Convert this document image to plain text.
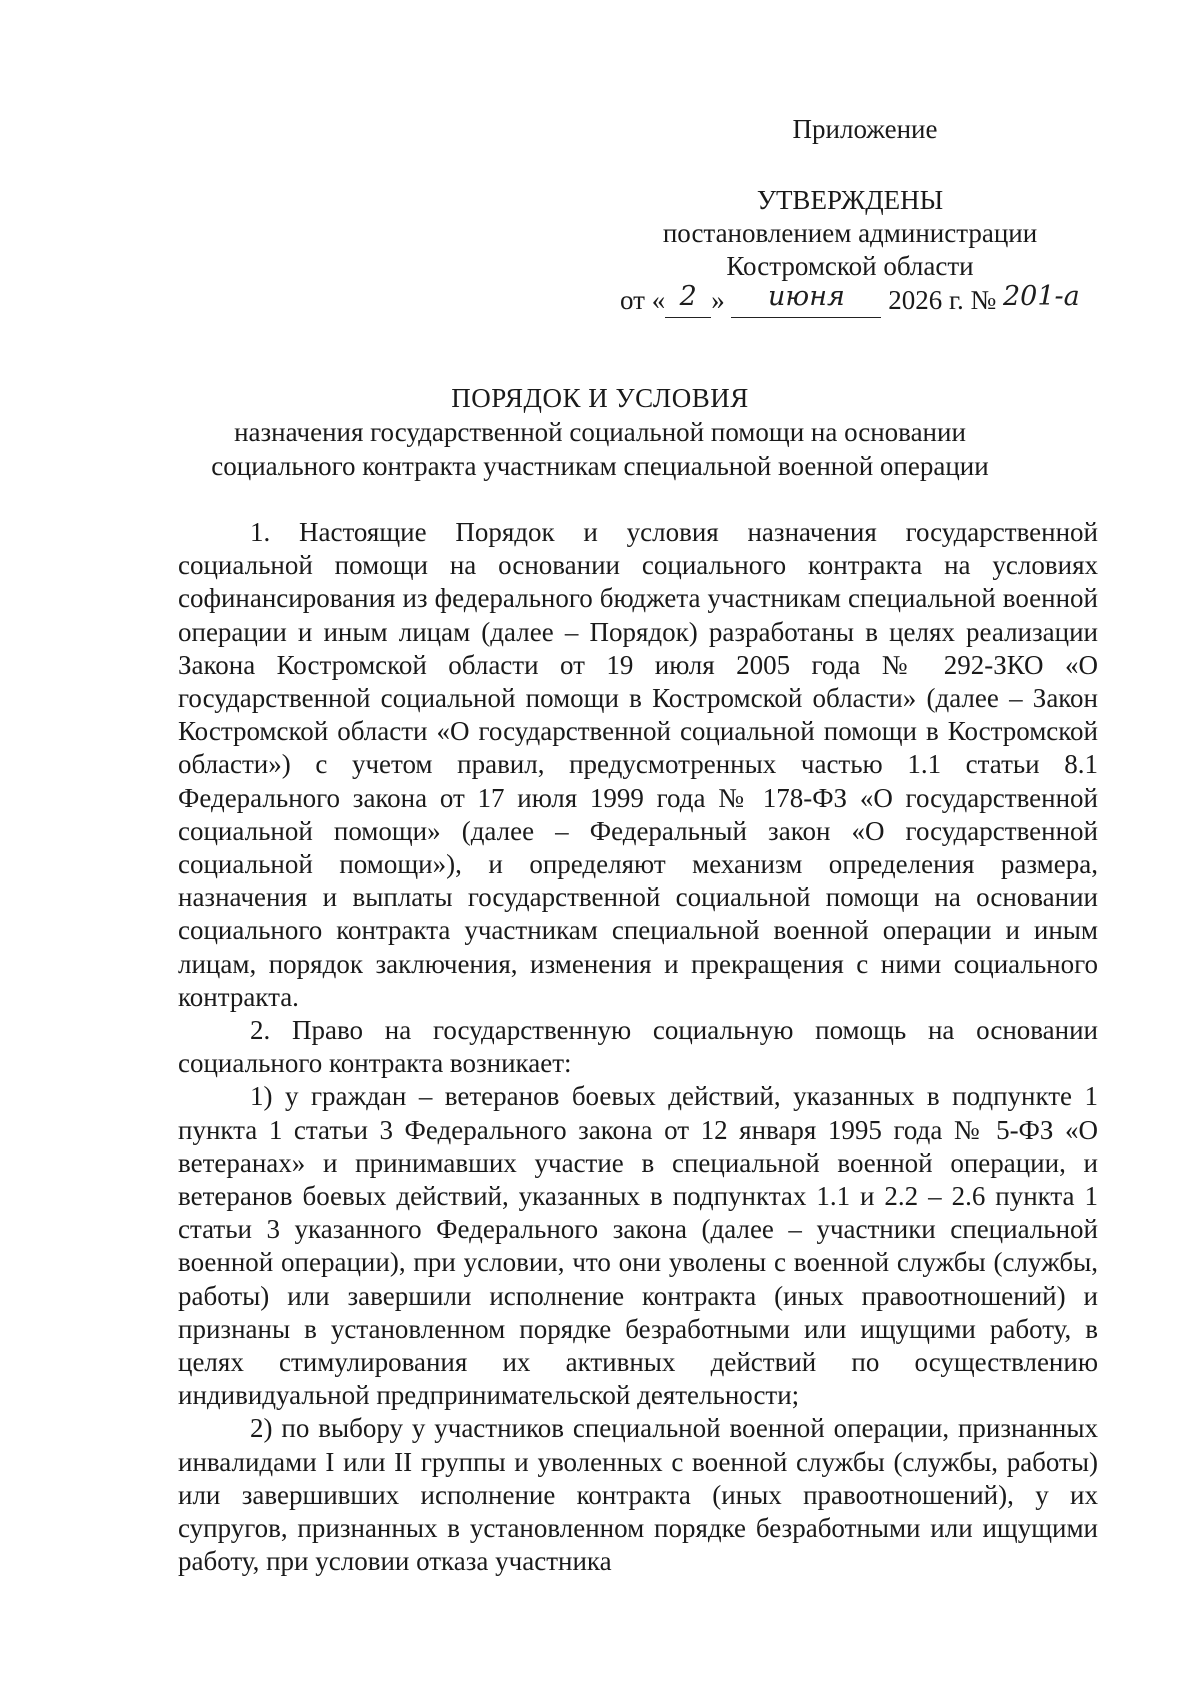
Приложение
УТВЕРЖДЕНЫ
постановлением администрации
Костромской области
от « 2 » июня 2026 г. № 201-а
ПОРЯДОК И УСЛОВИЯ
назначения государственной социальной помощи на основании
социального контракта участникам специальной военной операции

1. Настоящие Порядок и условия назначения государственной социальной помощи на основании социального контракта на условиях софинансирования из федерального бюджета участникам специальной военной операции и иным лицам (далее – Порядок) разработаны в целях реализации Закона Костромской области от 19 июля 2005 года № 292-ЗКО «О государственной социальной помощи в Костромской области» (далее – Закон Костромской области «О государственной социальной помощи в Костромской области») с учетом правил, предусмотренных частью 1.1 статьи 8.1 Федерального закона от 17 июля 1999 года № 178-ФЗ «О государственной социальной помощи» (далее – Федеральный закон «О государственной социальной помощи»), и определяют механизм определения размера, назначения и выплаты государственной социальной помощи на основании социального контракта участникам специальной военной операции и иным лицам, порядок заключения, изменения и прекращения с ними социального контракта.

2. Право на государственную социальную помощь на основании социального контракта возникает:

1) у граждан – ветеранов боевых действий, указанных в подпункте 1 пункта 1 статьи 3 Федерального закона от 12 января 1995 года № 5-ФЗ «О ветеранах» и принимавших участие в специальной военной операции, и ветеранов боевых действий, указанных в подпунктах 1.1 и 2.2 – 2.6 пункта 1 статьи 3 указанного Федерального закона (далее – участники специальной военной операции), при условии, что они уволены с военной службы (службы, работы) или завершили исполнение контракта (иных правоотношений) и признаны в установленном порядке безработными или ищущими работу, в целях стимулирования их активных действий по осуществлению индивидуальной предпринимательской деятельности;

2) по выбору у участников специальной военной операции, признанных инвалидами I или II группы и уволенных с военной службы (службы, работы) или завершивших исполнение контракта (иных правоотношений), у их супругов, признанных в установленном порядке безработными или ищущими работу, при условии отказа участника
